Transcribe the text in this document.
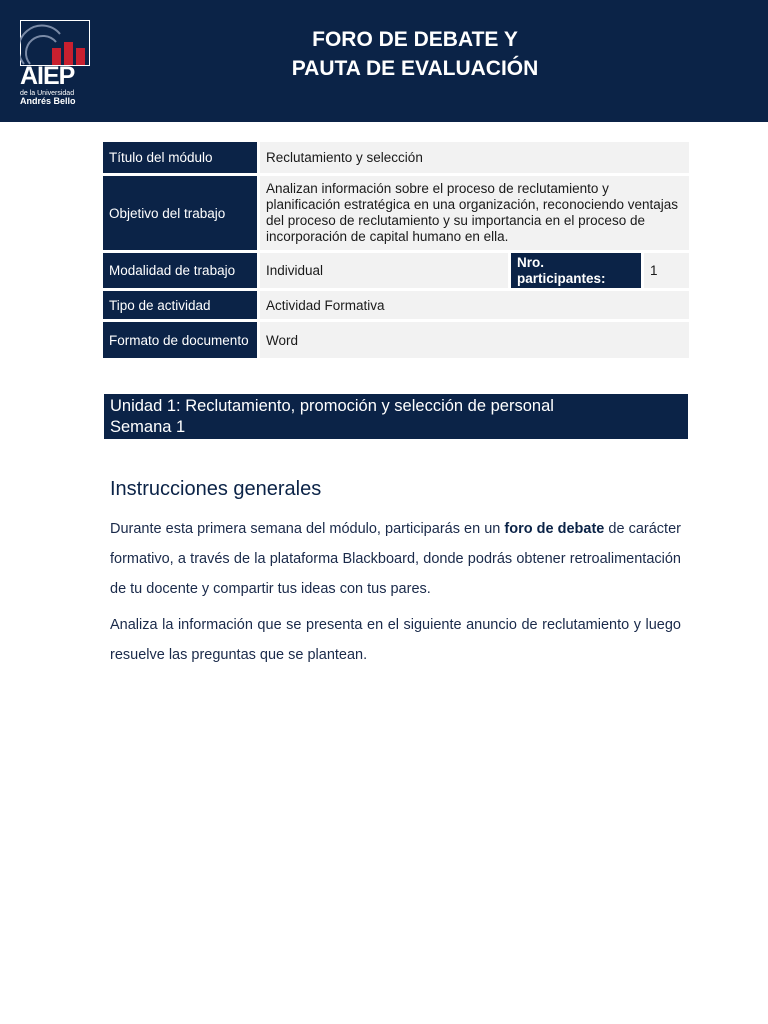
AIEP
de la Universidad
Andrés Bello
FORO DE DEBATE Y
PAUTA DE EVALUACIÓN
Título del módulo	Reclutamiento y selección		
Objetivo del trabajo	Analizan información sobre el proceso de reclutamiento y planificación estratégica en una organización, reconociendo ventajas del proceso de reclutamiento y su importancia en el proceso de incorporación de capital humano en ella.		
Modalidad de trabajo	Individual	Nro. participantes:	1
Tipo de actividad	Actividad Formativa		
Formato de documento	Word		
Unidad 1: Reclutamiento, promoción y selección de personal
Semana 1
Instrucciones generales

Durante esta primera semana del módulo, participarás en un foro de debate de carácter formativo, a través de la plataforma Blackboard, donde podrás obtener retroalimentación de tu docente y compartir tus ideas con tus pares.

Analiza la información que se presenta en el siguiente anuncio de reclutamiento y luego resuelve las preguntas que se plantean.
